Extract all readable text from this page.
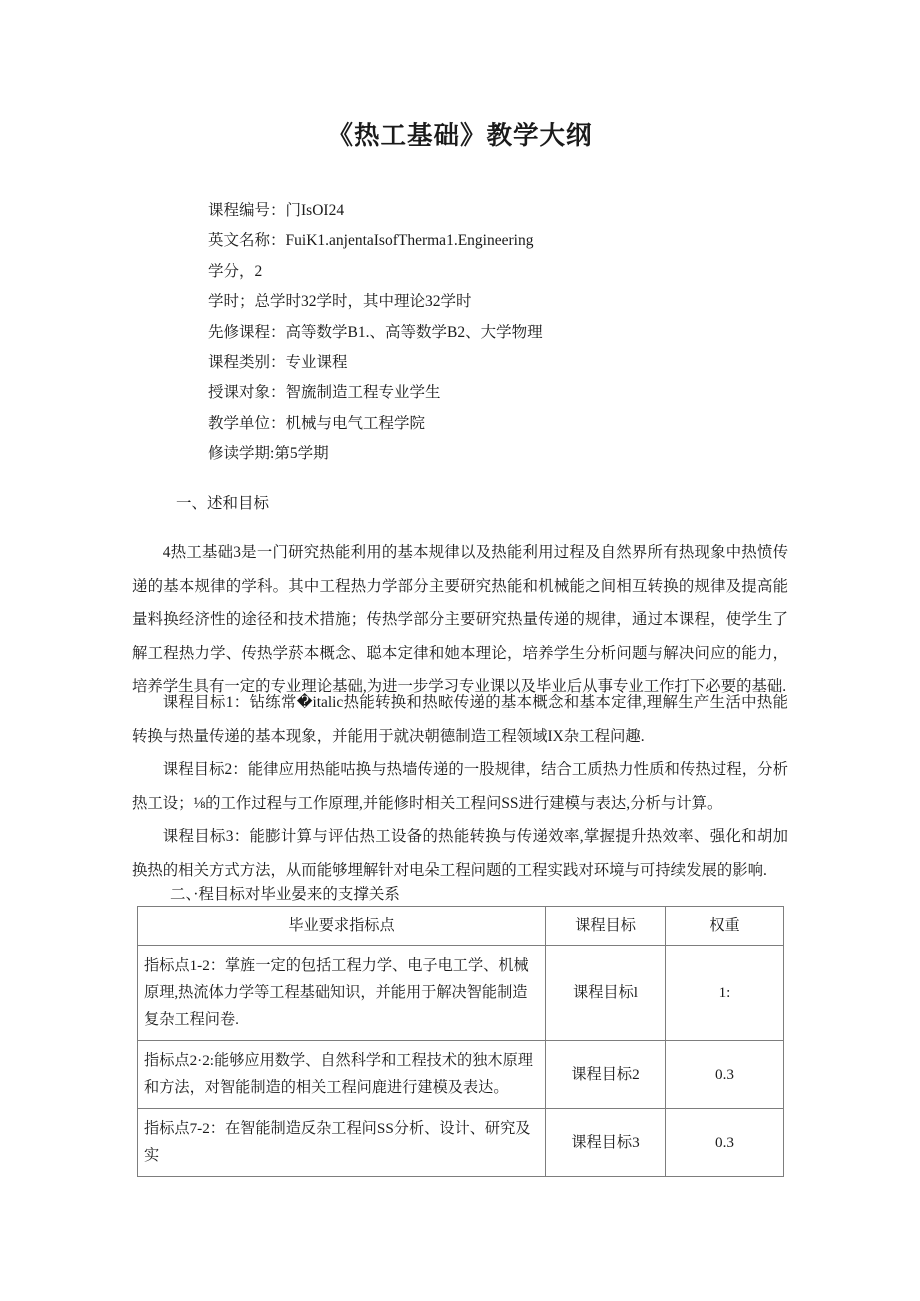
《热工基础》教学大纲
课程编号：门IsOI24
英文名称：FuiK1.anjentaIsofTherma1.Engineering
学分，2
学时；总学时32学时，其中理论32学时
先修课程：高等数学B1.、高等数学B2、大学物理
课程类别：专业课程
授课对象：智旒制造工程专业学生
教学单位：机械与电气工程学院
修读学期:第5学期
一、述和目标

4热工基础3是一门研究热能利用的基本规律以及热能利用过程及自然界所有热现象中热愤传递的基本规律的学科。其中工程热力学部分主要研究热能和机械能之间相互转换的规律及提高能量料换经济性的途径和技术措施；传热学部分主要研究热量传递的规律，通过本课程，使学生了解工程热力学、传热学菸本概念、聪本定律和她本理论，培养学生分析问题与解决问应的能力，培养学生具有一定的专业理论基础,为进一步学习专业课以及毕业后从事专业工作打下必要的基础.

课程目标1：钻练常�italic热能转换和热畩传递的基本概念和基本定律,理解生产生活中热能转换与热量传递的基本现象，并能用于就决朝德制造工程领域IX杂工程问趣.

课程目标2：能律应用热能咕换与热墙传递的一股规律，结合工质热力性质和传热过程，分析热工设；⅛的工作过程与工作原理,并能修时相关工程问SS进行建模与表达,分析与计算。

课程目标3：能膨计算与评估热工设备的热能转换与传递效率,掌握提升热效率、强化和胡加换热的相关方式方法，从而能够埋解针对电朵工程问题的工程实践对环境与可持续发展的影响.

二、·程目标对毕业晏来的支撑关系
毕业要求指标点	课程目标	权重
指标点1-2：掌旌一定的包括工程力学、电子电工学、机械原理,热流体力学等工程基础知识，并能用于解决智能制造复杂工程问卷.	课程目标l	1:
指标点2·2:能够应用数学、自然科学和工程技术的独木原理和方法，对智能制造的相关工程问鹿进行建模及表达。	课程目标2	0.3
指标点7-2：在智能制造反杂工程问SS分析、设计、研究及实	课程目标3	0.3
